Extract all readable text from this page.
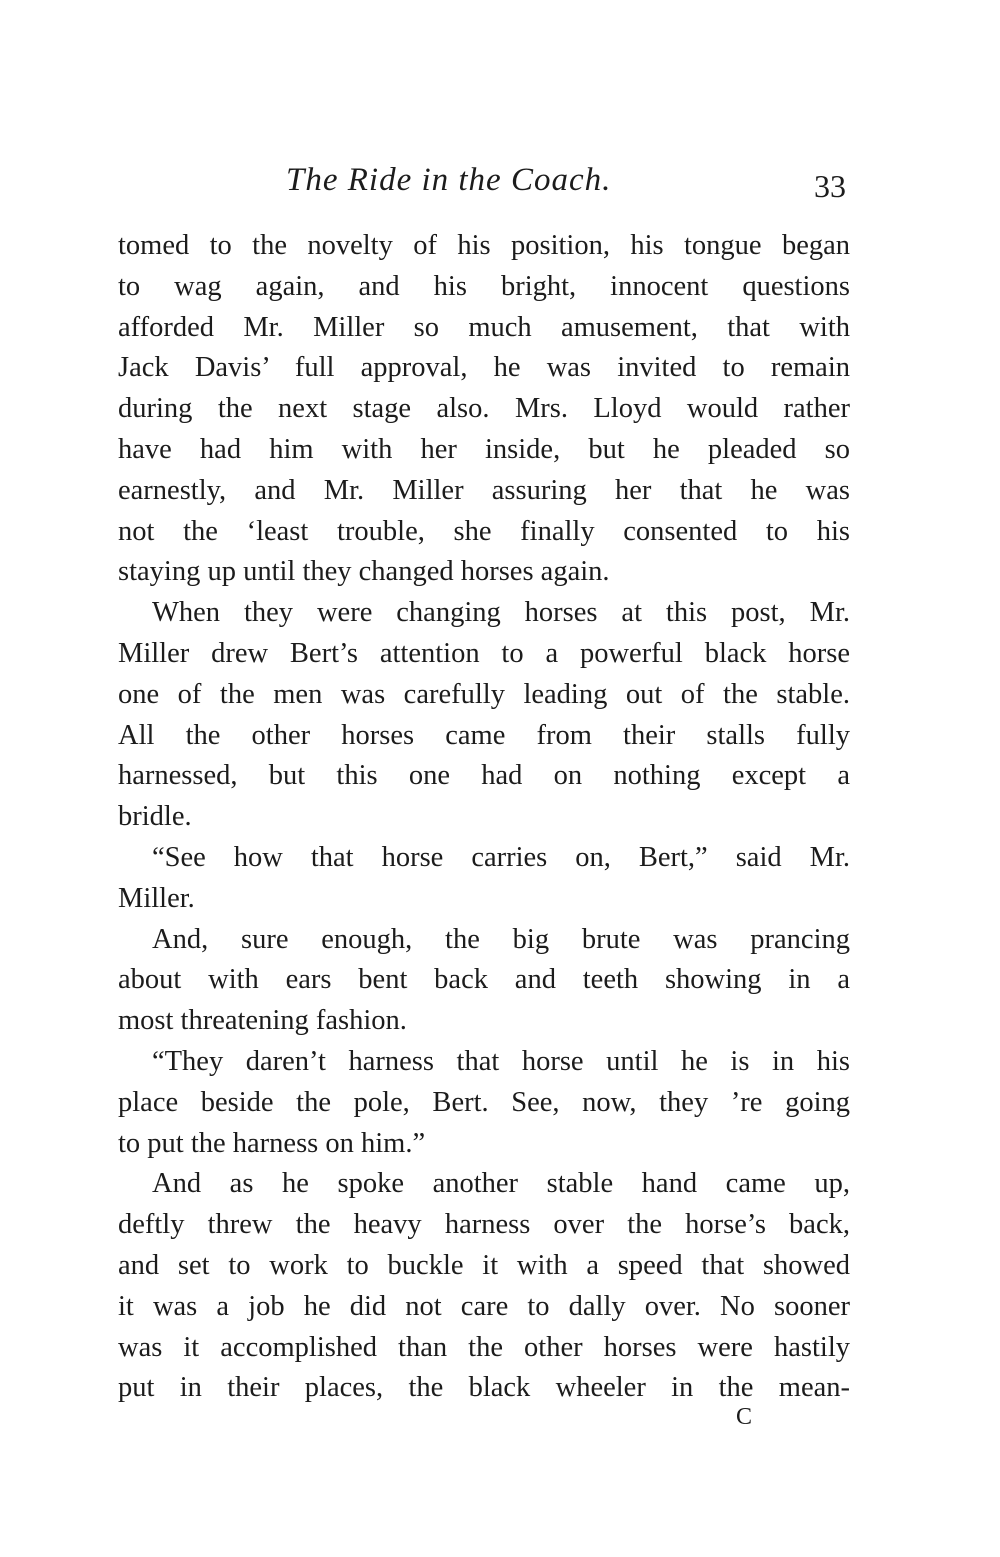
The Ride in the Coach.	33
tomed to the novelty of his position, his tongue began
to wag again, and his bright, innocent questions
afforded Mr. Miller so much amusement, that with
Jack Davis’ full approval, he was invited to remain
during the next stage also. Mrs. Lloyd would rather
have had him with her inside, but he pleaded so
earnestly, and Mr. Miller assuring her that he was
not the ‘least trouble, she finally consented to his
staying up until they changed horses again.
When they were changing horses at this post, Mr.
Miller drew Bert’s attention to a powerful black horse
one of the men was carefully leading out of the stable.
All the other horses came from their stalls fully
harnessed, but this one had on nothing except a
bridle.
“See how that horse carries on, Bert,” said Mr.
Miller.
And, sure enough, the big brute was prancing
about with ears bent back and teeth showing in a
most threatening fashion.
“They daren’t harness that horse until he is in his
place beside the pole, Bert. See, now, they ’re going
to put the harness on him.”
And as he spoke another stable hand came up,
deftly threw the heavy harness over the horse’s back,
and set to work to buckle it with a speed that showed
it was a job he did not care to dally over. No sooner
was it accomplished than the other horses were hastily
put in their places, the black wheeler in the mean-
C
